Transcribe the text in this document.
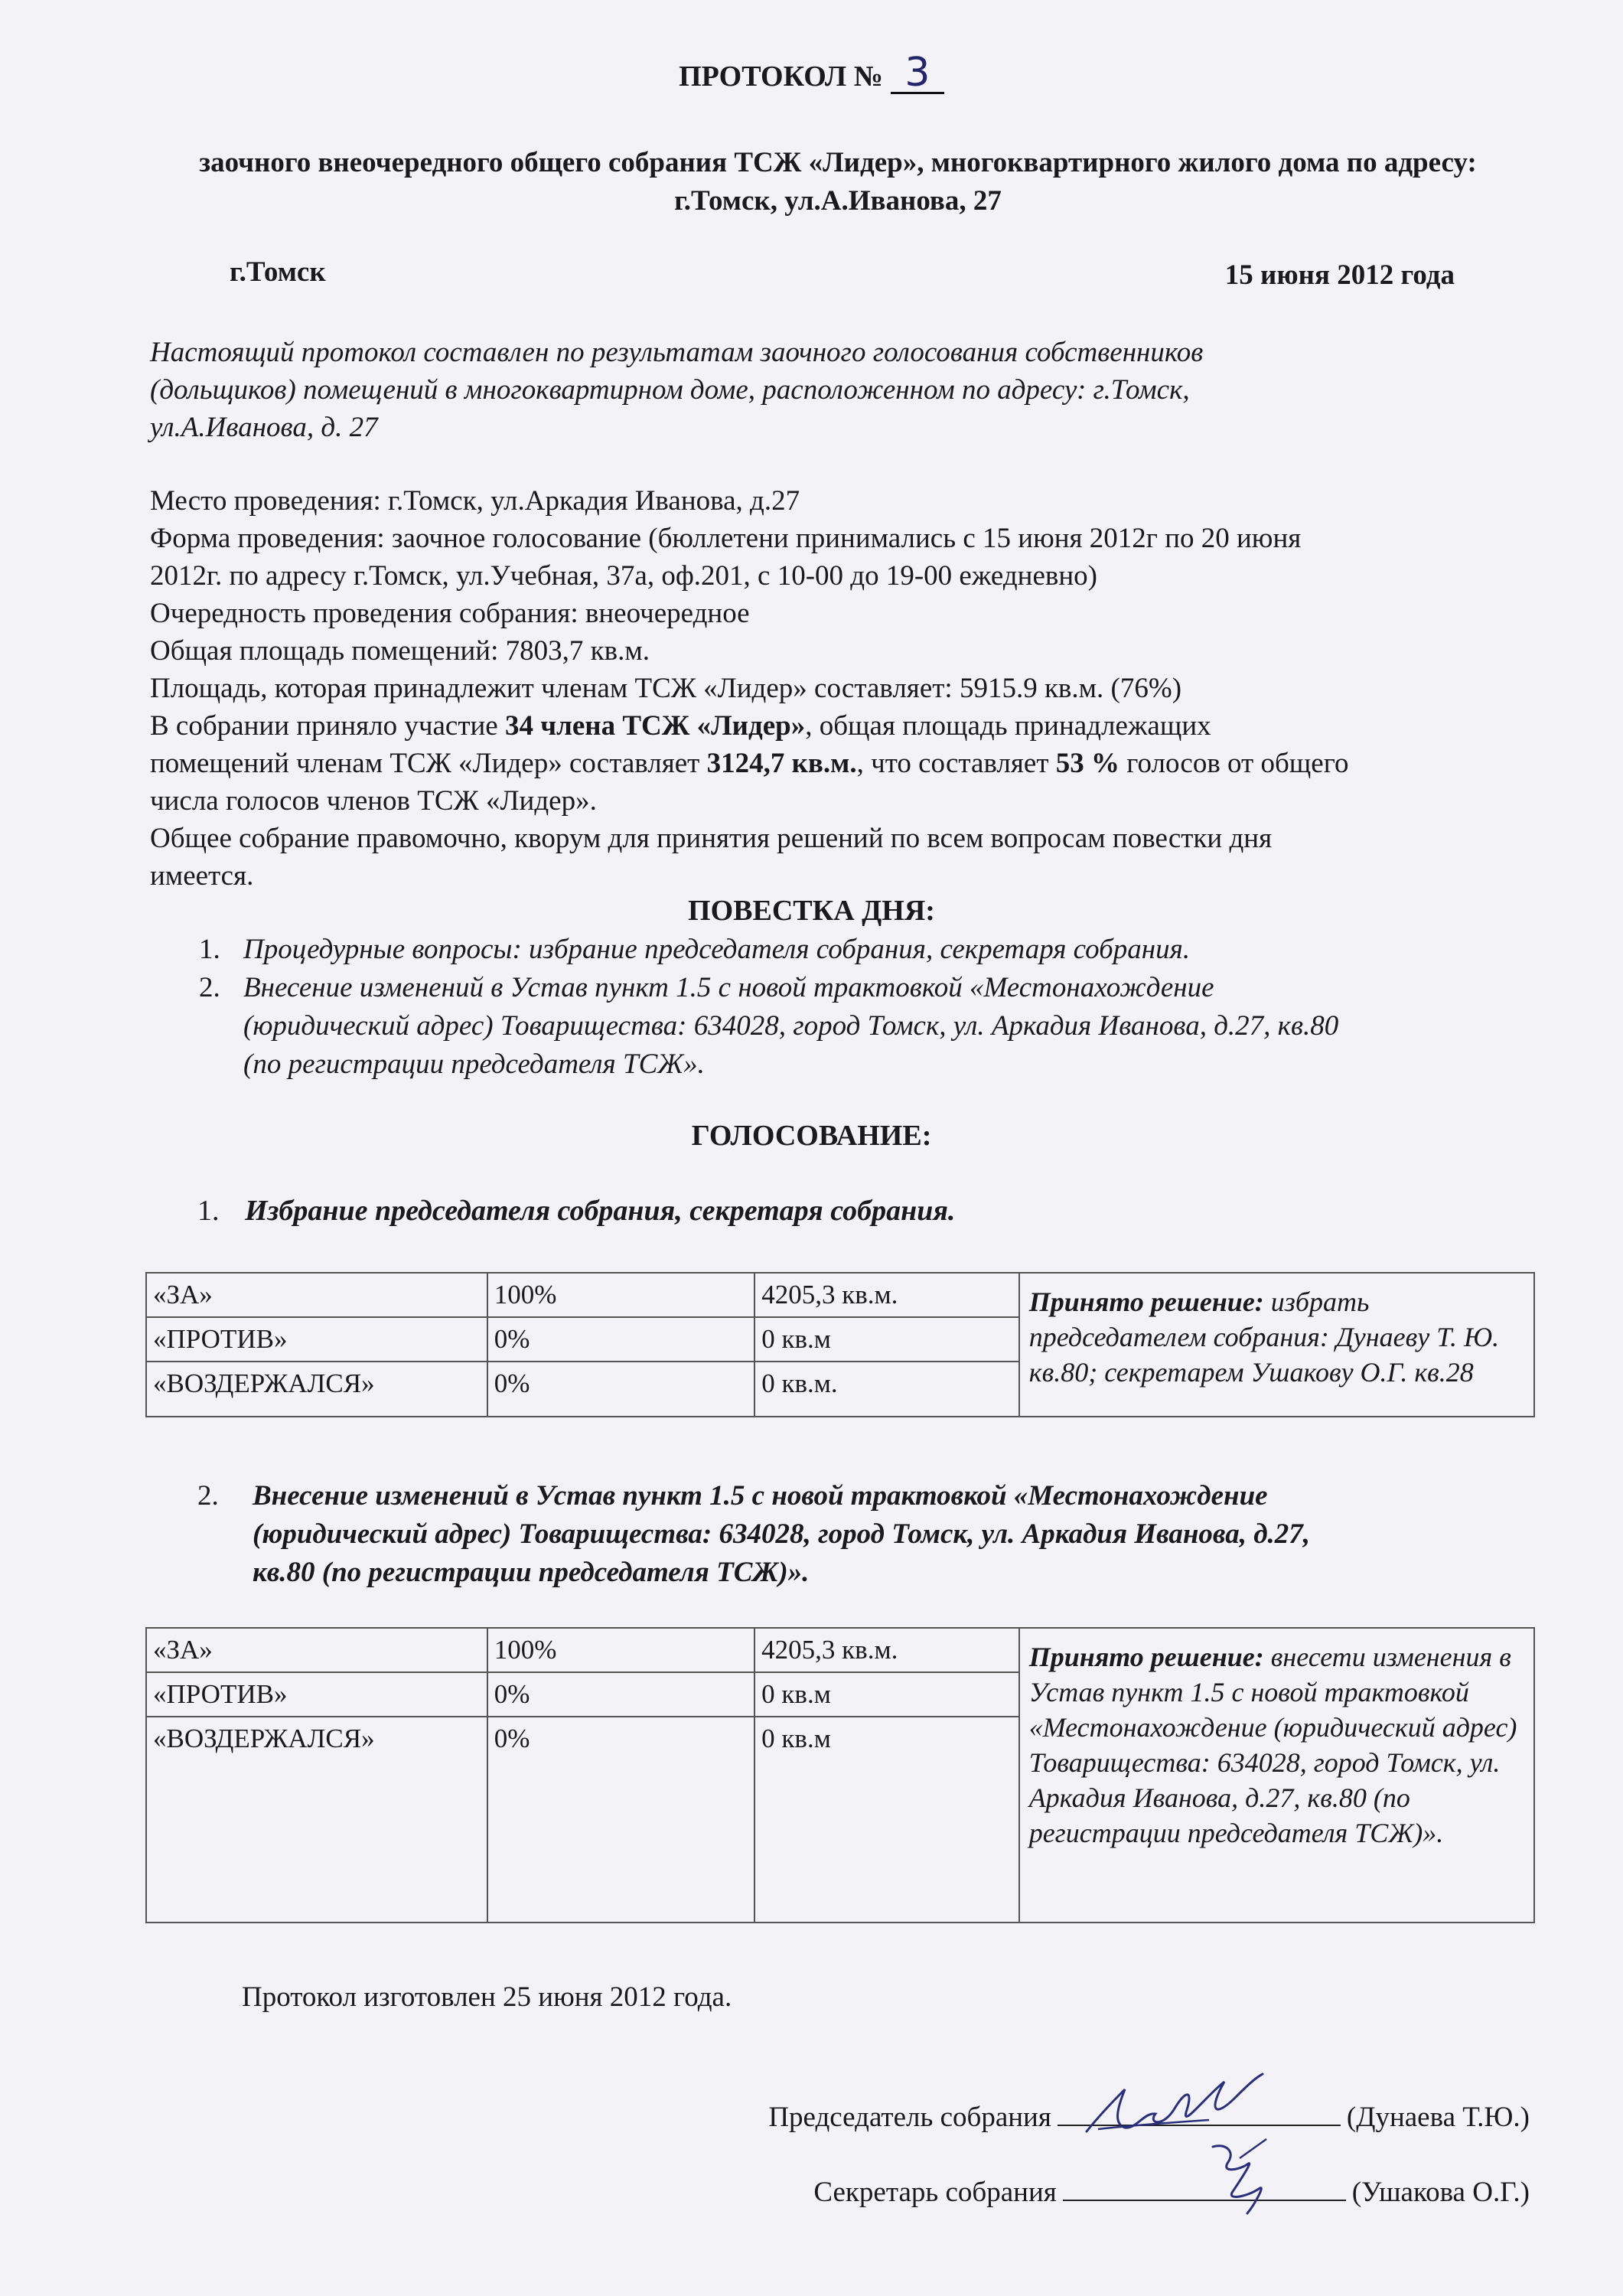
ПРОТОКОЛ № 3
заочного внеочередного общего собрания ТСЖ «Лидер», многоквартирного жилого дома по адресу: г.Томск, ул.А.Иванова, 27
г.Томск	15 июня 2012 года
Настоящий протокол составлен по результатам заочного голосования собственников
(дольщиков) помещений в многоквартирном доме, расположенном по адресу: г.Томск,
ул.А.Иванова, д. 27
Место проведения: г.Томск, ул.Аркадия Иванова, д.27
Форма проведения: заочное голосование (бюллетени принимались с 15 июня 2012г по 20 июня
2012г. по адресу г.Томск, ул.Учебная, 37а, оф.201, с 10-00 до 19-00 ежедневно)
Очередность проведения собрания: внеочередное
Общая площадь помещений: 7803,7 кв.м.
Площадь, которая принадлежит членам ТСЖ «Лидер» составляет: 5915.9 кв.м. (76%)
В собрании приняло участие 34 члена ТСЖ «Лидер», общая площадь принадлежащих
помещений членам ТСЖ «Лидер» составляет 3124,7 кв.м., что составляет 53 % голосов от общего
числа голосов членов ТСЖ «Лидер».
Общее собрание правомочно, кворум для принятия решений по всем вопросам повестки дня
имеется.
ПОВЕСТКА ДНЯ:
1. Процедурные вопросы: избрание председателя собрания, секретаря собрания.
2. Внесение изменений в Устав пункт 1.5 с новой трактовкой «Местонахождение
(юридический адрес) Товарищества: 634028, город Томск, ул. Аркадия Иванова, д.27, кв.80
(по регистрации председателя ТСЖ».
ГОЛОСОВАНИЕ:
1. Избрание председателя собрания, секретаря собрания.
«ЗА»	100%	4205,3 кв.м.	Принято решение: избрать председателем собрания: Дунаеву Т. Ю. кв.80; секретарем Ушакову О.Г. кв.28
«ПРОТИВ»	0%	0 кв.м	
«ВОЗДЕРЖАЛСЯ»	0%	0 кв.м.	
2.	Внесение изменений в Устав пункт 1.5 с новой трактовкой «Местонахождение
(юридический адрес) Товарищества: 634028, город Томск, ул. Аркадия Иванова, д.27,
кв.80 (по регистрации председателя ТСЖ)».
«ЗА»	100%	4205,3 кв.м.	Принято решение: внесети изменения в Устав пункт 1.5 с новой трактовкой «Местонахождение (юридический адрес) Товарищества: 634028, город Томск, ул. Аркадия Иванова, д.27, кв.80 (по регистрации председателя ТСЖ)».
«ПРОТИВ»	0%	0 кв.м	
«ВОЗДЕРЖАЛСЯ»	0%	0 кв.м	
Протокол изготовлен 25 июня 2012 года.
Председатель собрания	(Дунаева Т.Ю.)
Секретарь собрания	(Ушакова О.Г.)
